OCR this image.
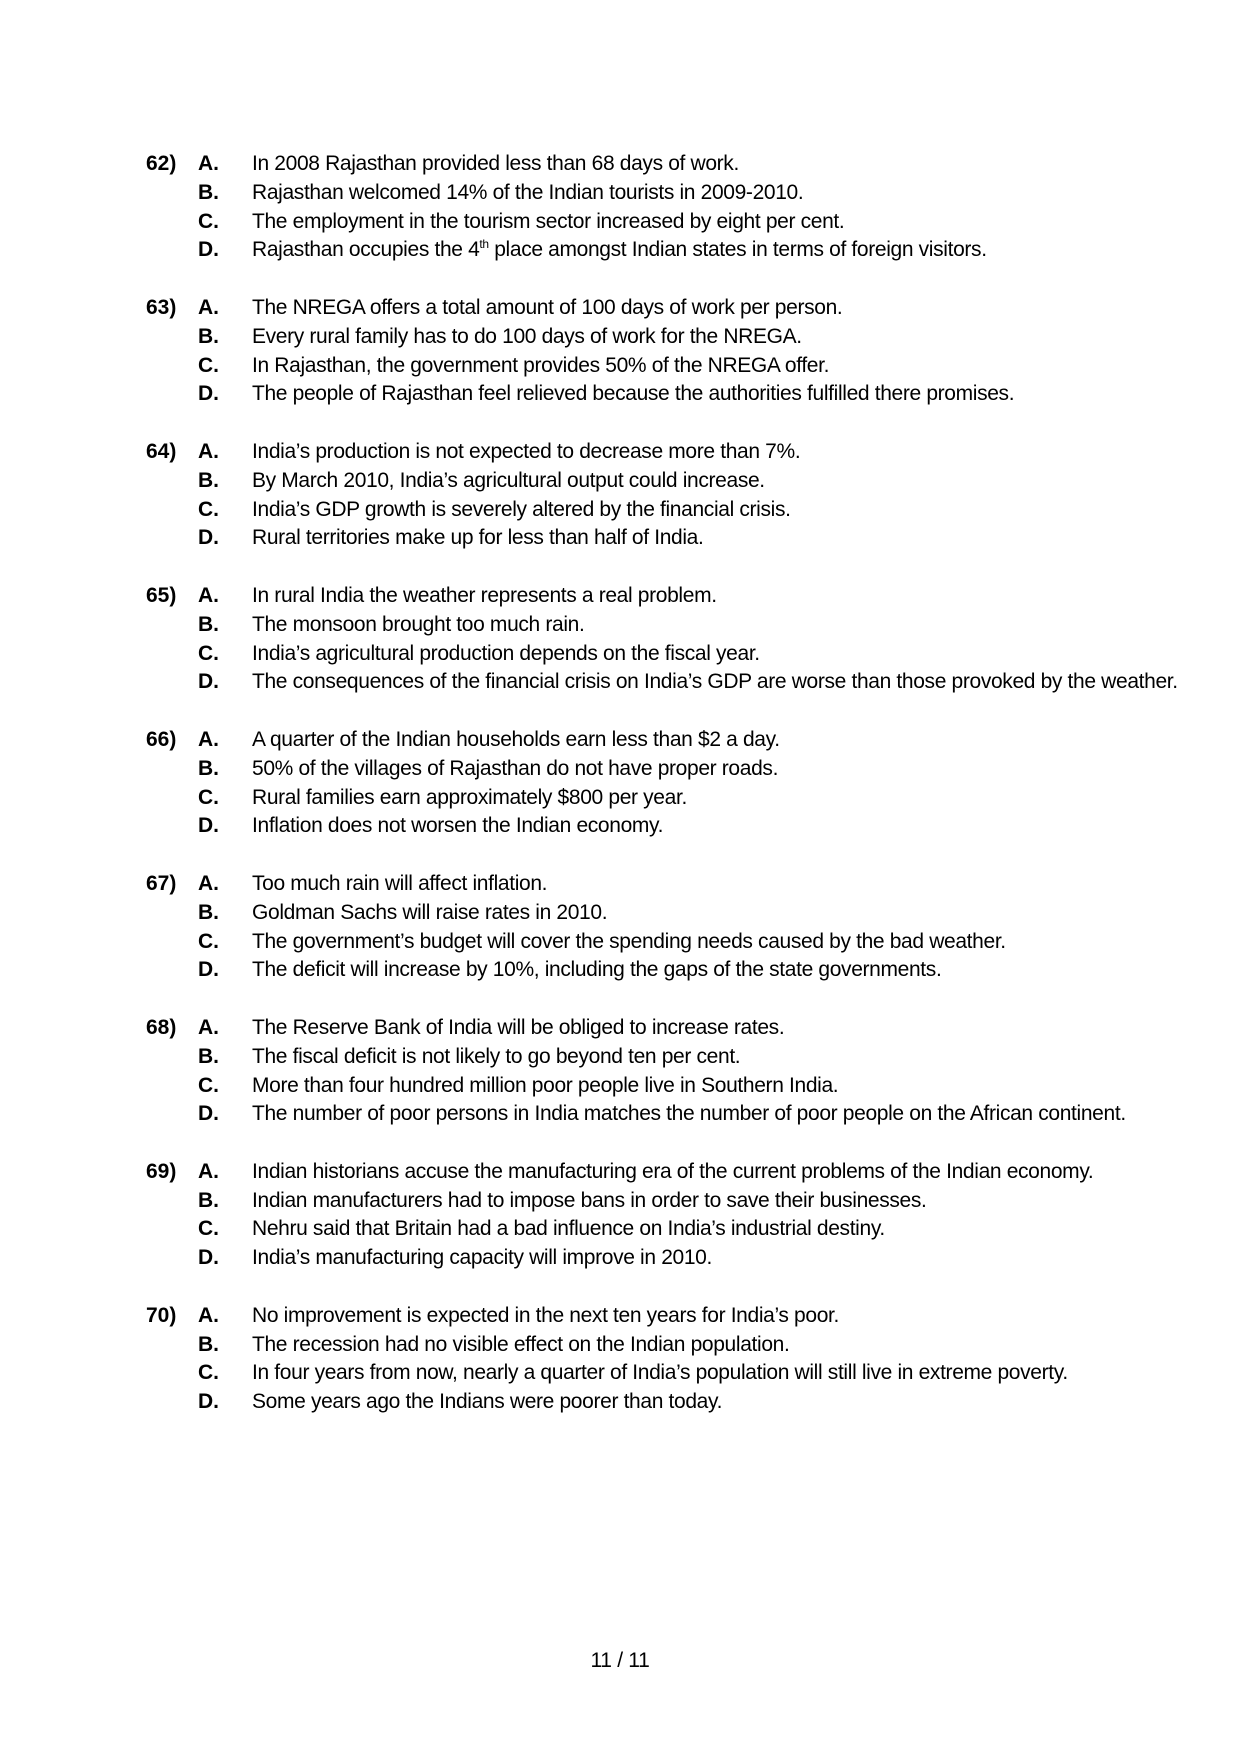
62)	A.	In 2008 Rajasthan provided less than 68 days of work.
B.	Rajasthan welcomed 14% of the Indian tourists in 2009-2010.
C.	The employment in the tourism sector increased by eight per cent.
D.	Rajasthan occupies the 4th place amongst Indian states in terms of foreign visitors.
63)	A.	The NREGA offers a total amount of 100 days of work per person.
B.	Every rural family has to do 100 days of work for the NREGA.
C.	In Rajasthan, the government provides 50% of the NREGA offer.
D.	The people of Rajasthan feel relieved because the authorities fulfilled there promises.
64)	A.	India’s production is not expected to decrease more than 7%.
B.	By March 2010, India’s agricultural output could increase.
C.	India’s GDP growth is severely altered by the financial crisis.
D.	Rural territories make up for less than half of India.
65)	A.	In rural India the weather represents a real problem.
B.	The monsoon brought too much rain.
C.	India’s agricultural production depends on the fiscal year.
D.	The consequences of the financial crisis on India’s GDP are worse than those provoked by the weather.
66)	A.	A quarter of the Indian households earn less than $2 a day.
B.	50% of the villages of Rajasthan do not have proper roads.
C.	Rural families earn approximately $800 per year.
D.	Inflation does not worsen the Indian economy.
67)	A.	Too much rain will affect inflation.
B.	Goldman Sachs will raise rates in 2010.
C.	The government’s budget will cover the spending needs caused by the bad weather.
D.	The deficit will increase by 10%, including the gaps of the state governments.
68)	A.	The Reserve Bank of India will be obliged to increase rates.
B.	The fiscal deficit is not likely to go beyond ten per cent.
C.	More than four hundred million poor people live in Southern India.
D.	The number of poor persons in India matches the number of poor people on the African continent.
69)	A.	Indian historians accuse the manufacturing era of the current problems of the Indian economy.
B.	Indian manufacturers had to impose bans in order to save their businesses.
C.	Nehru said that Britain had a bad influence on India’s industrial destiny.
D.	India’s manufacturing capacity will improve in 2010.
70)	A.	No improvement is expected in the next ten years for India’s poor.
B.	The recession had no visible effect on the Indian population.
C.	In four years from now, nearly a quarter of India’s population will still live in extreme poverty.
D.	Some years ago the Indians were poorer than today.
11 / 11
